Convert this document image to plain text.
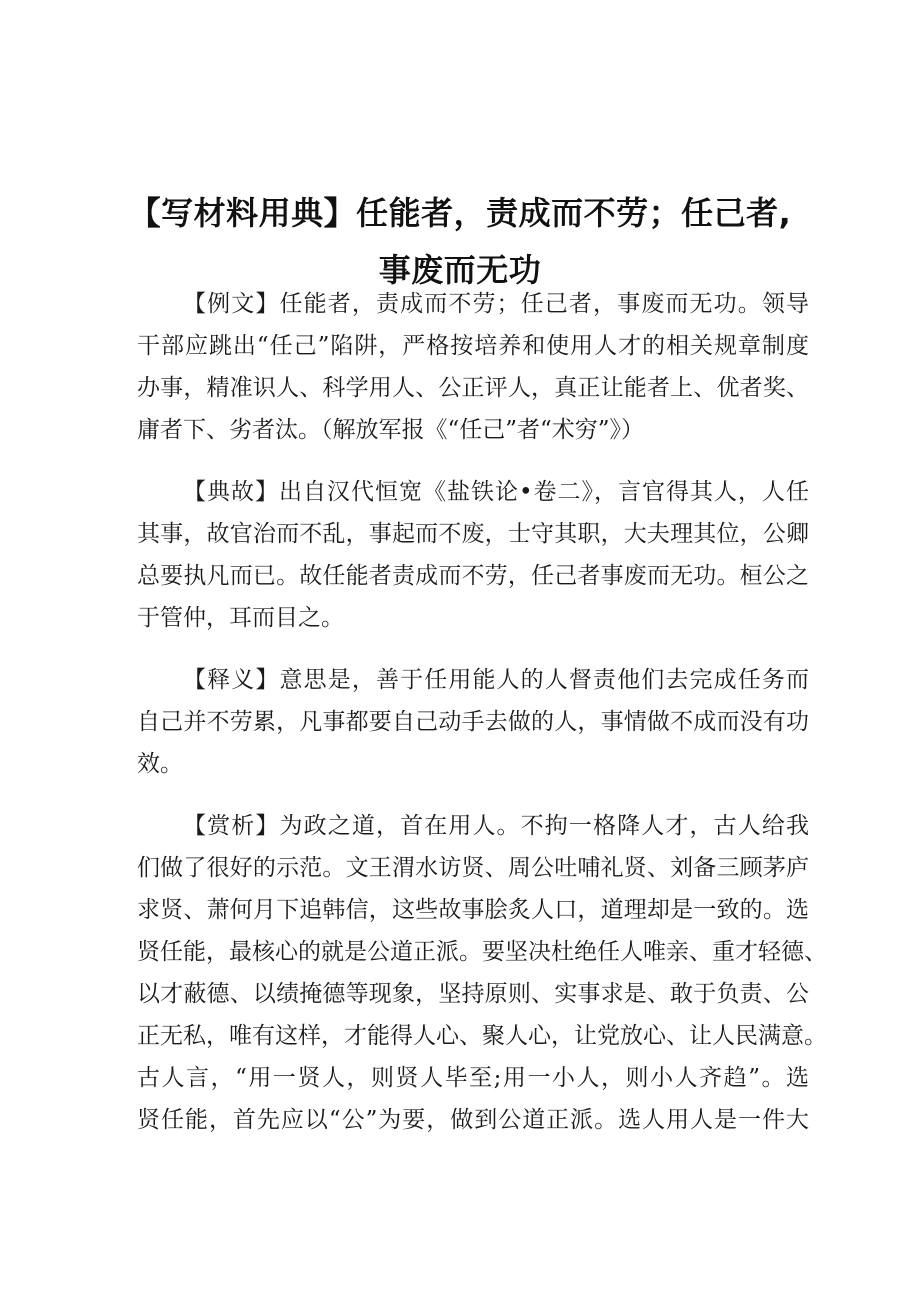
【写材料用典】任能者，责成而不劳；任己者,
事废而无功
【例文】任能者，责成而不劳；任己者，事废而无功。领导
干部应跳出“任己”陷阱，严格按培养和使用人才的相关规章制度
办事，精准识人、科学用人、公正评人，真正让能者上、优者奖、
庸者下、劣者汰。（解放军报《“任己”者“术穷”》）
【典故】出自汉代恒宽《盐铁论•卷二》，言官得其人，人任
其事，故官治而不乱，事起而不废，士守其职，大夫理其位，公卿
总要执凡而已。故任能者责成而不劳，任己者事废而无功。桓公之
于管仲，耳而目之。
【释义】意思是，善于任用能人的人督责他们去完成任务而
自己并不劳累，凡事都要自己动手去做的人，事情做不成而没有功
效。
【赏析】为政之道，首在用人。不拘一格降人才，古人给我
们做了很好的示范。文王渭水访贤、周公吐哺礼贤、刘备三顾茅庐
求贤、萧何月下追韩信，这些故事脍炙人口，道理却是一致的。选
贤任能，最核心的就是公道正派。要坚决杜绝任人唯亲、重才轻德、
以才蔽德、以绩掩德等现象，坚持原则、实事求是、敢于负责、公
正无私，唯有这样，才能得人心、聚人心，让党放心、让人民满意。
古人言，“用一贤人，则贤人毕至;用一小人，则小人齐趋”。选
贤任能，首先应以“公”为要，做到公道正派。选人用人是一件大
